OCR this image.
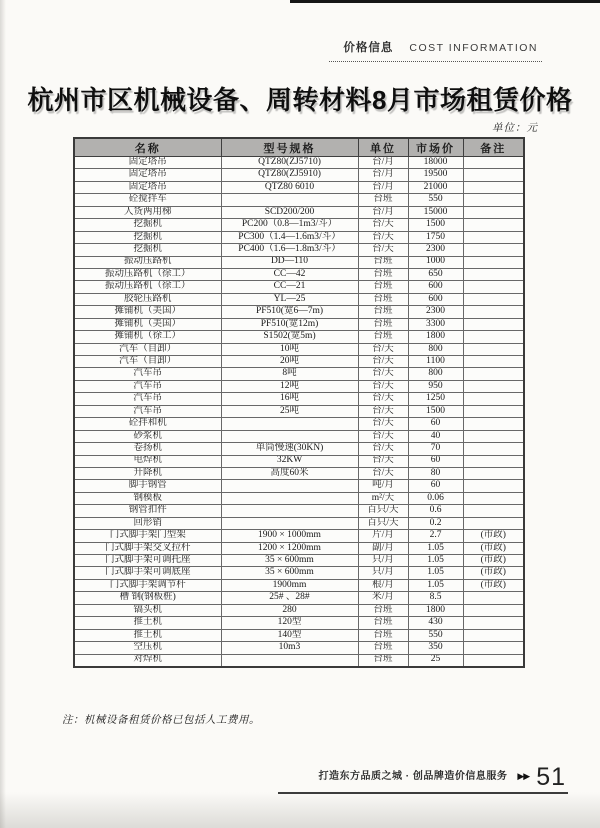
价格信息 COST INFORMATION
杭州市区机械设备、周转材料8月市场租赁价格
单位：元
名称	型号规格	单位	市场价	备注
固定塔吊	QTZ80(ZJ5710)	台/月	18000	
固定塔吊	QTZ80(ZJ5910)	台/月	19500	
固定塔吊	QTZ80 6010	台/月	21000	
砼搅拌车		台班	550	
人货两用梯	SCD200/200	台/月	15000	
挖掘机	PC200（0.8—1m3/斗）	台/天	1500	
挖掘机	PC300（1.4—1.6m3/斗）	台/天	1750	
挖掘机	PC400（1.6—1.8m3/斗）	台/天	2300	
振动压路机	DD—110	台班	1000	
振动压路机（徐工）	CC—42	台班	650	
振动压路机（徐工）	CC—21	台班	600	
胶轮压路机	YL—25	台班	600	
摊铺机（美国）	PF510(宽6—7m)	台班	2300	
摊铺机（美国）	PF510(宽12m)	台班	3300	
摊铺机（徐工）	S1502(宽5m)	台班	1800	
汽车（自卸）	10吨	台/天	800	
汽车（自卸）	20吨	台/天	1100	
汽车吊	8吨	台/天	800	
汽车吊	12吨	台/天	950	
汽车吊	16吨	台/天	1250	
汽车吊	25吨	台/天	1500	
砼拌和机		台/天	60	
砂浆机		台/天	40	
卷扬机	单筒慢速(30KN)	台/天	70	
电焊机	32KW	台/天	60	
升降机	高度60米	台/天	80	
脚手钢管		吨/月	60	
钢模板		m²/天	0.06	
钢管扣件		百只/天	0.6	
回形销		百只/天	0.2	
门式脚手架门型架	1900 × 1000mm	片/月	2.7	(市政)
门式脚手架交叉拉杆	1200 × 1200mm	副/月	1.05	(市政)
门式脚手架可调托座	35 × 600mm	只/月	1.05	(市政)
门式脚手架可调底座	35 × 600mm	只/月	1.05	(市政)
门式脚手架调节杆	1900mm	根/月	1.05	(市政)
槽 钢(钢板桩)	25# 、28#	米/月	8.5	
镐头机	280	台班	1800	
推土机	120型	台班	430	
推土机	140型	台班	550	
空压机	10m3	台班	350	
对焊机		台班	25	
注：机械设备租赁价格已包括人工费用。
$^{打造东方品质之城 \cdot 创品牌造价信息服务}$ ▶▶ 51
